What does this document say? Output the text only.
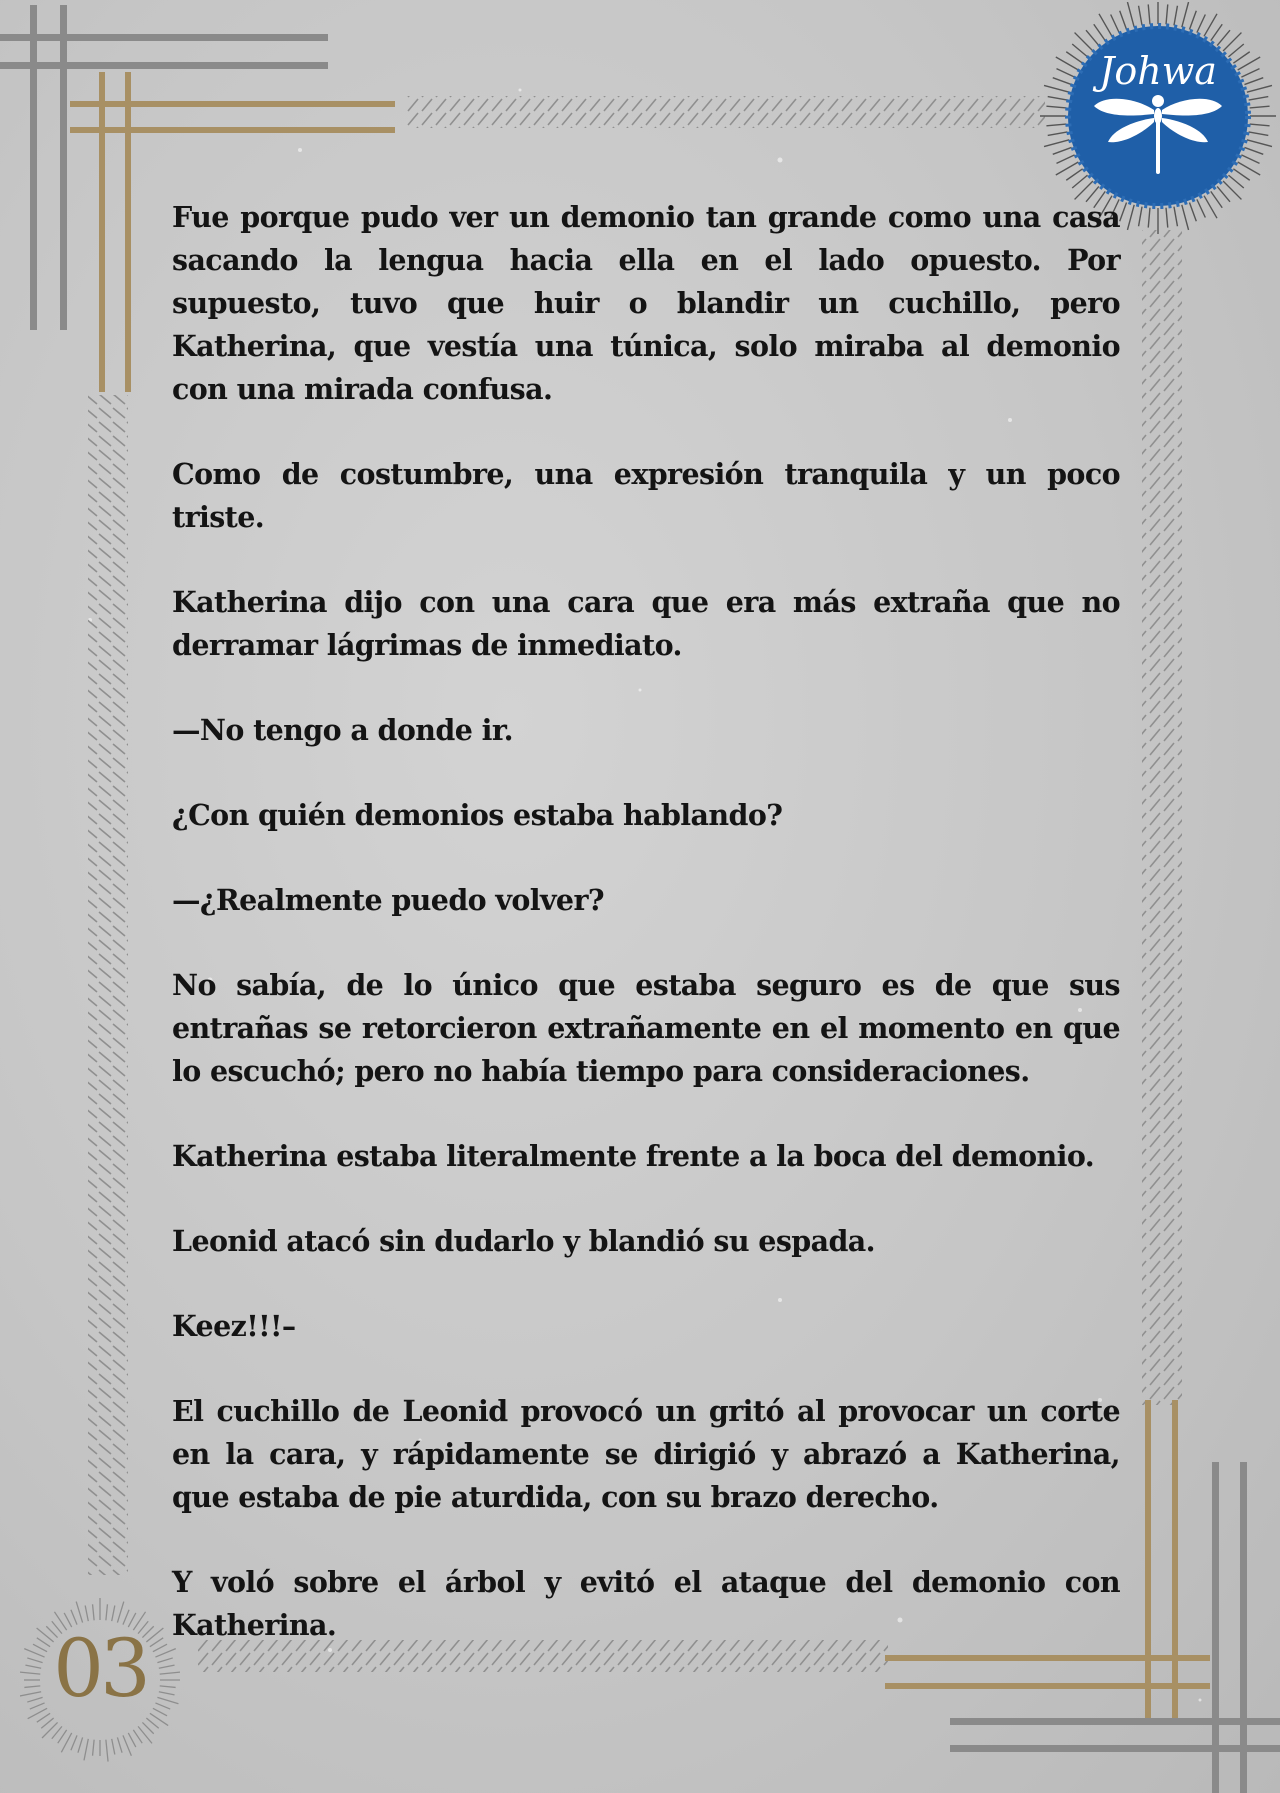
Johwa
03

Fue porque pudo ver un demonio tan grande como una casa sacando la lengua hacia ella en el lado opuesto. Por supuesto, tuvo que huir o blandir un cuchillo, pero Katherina, que vestía una túnica, solo miraba al demonio con una mirada confusa.

Como de costumbre, una expresión tranquila y un poco triste.

Katherina dijo con una cara que era más extraña que no derramar lágrimas de inmediato.

—No tengo a donde ir.

¿Con quién demonios estaba hablando?

—¿Realmente puedo volver?

No sabía, de lo único que estaba seguro es de que sus entrañas se retorcieron extrañamente en el momento en que lo escuchó; pero no había tiempo para consideraciones.

Katherina estaba literalmente frente a la boca del demonio.

Leonid atacó sin dudarlo y blandió su espada.

Keez!!!–

El cuchillo de Leonid provocó un gritó al provocar un corte en la cara, y rápidamente se dirigió y abrazó a Katherina, que estaba de pie aturdida, con su brazo derecho.

Y voló sobre el árbol y evitó el ataque del demonio con Katherina.
